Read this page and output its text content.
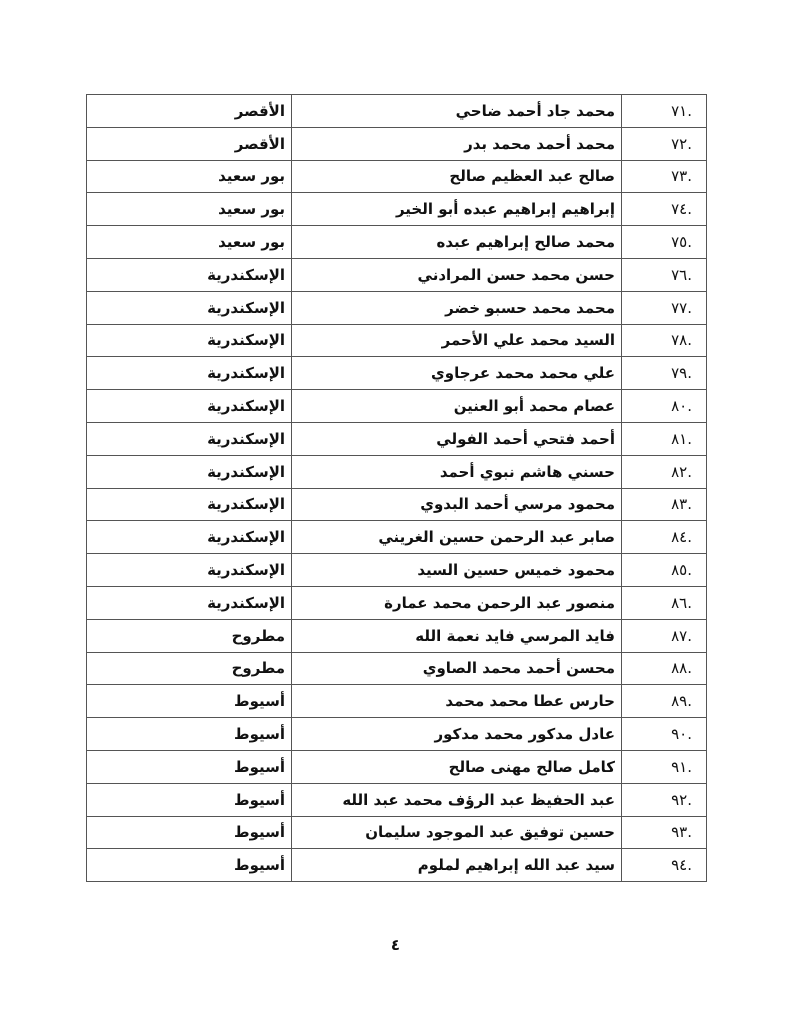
.٧١	محمد جاد أحمد ضاحي	الأقصر
.٧٢	محمد أحمد محمد بدر	الأقصر
.٧٣	صالح عبد العظيم صالح	بور سعيد
.٧٤	إبراهيم إبراهيم عبده أبو الخير	بور سعيد
.٧٥	محمد صالح إبراهيم عبده	بور سعيد
.٧٦	حسن محمد حسن المرادني	الإسكندرية
.٧٧	محمد محمد حسبو خضر	الإسكندرية
.٧٨	السيد محمد علي الأحمر	الإسكندرية
.٧٩	علي محمد محمد عرجاوي	الإسكندرية
.٨٠	عصام محمد أبو العنين	الإسكندرية
.٨١	أحمد فتحي أحمد الفولي	الإسكندرية
.٨٢	حسني هاشم نبوي أحمد	الإسكندرية
.٨٣	محمود مرسي أحمد البدوي	الإسكندرية
.٨٤	صابر عبد الرحمن حسين الغريني	الإسكندرية
.٨٥	محمود خميس حسين السيد	الإسكندرية
.٨٦	منصور عبد الرحمن محمد عمارة	الإسكندرية
.٨٧	فايد المرسي فايد نعمة الله	مطروح
.٨٨	محسن أحمد محمد الصاوي	مطروح
.٨٩	حارس عطا محمد محمد	أسيوط
.٩٠	عادل مدكور محمد مدكور	أسيوط
.٩١	كامل صالح مهنى صالح	أسيوط
.٩٢	عبد الحفيظ عبد الرؤف محمد عبد الله	أسيوط
.٩٣	حسين توفيق عبد الموجود سليمان	أسيوط
.٩٤	سيد عبد الله إبراهيم لملوم	أسيوط
٤
